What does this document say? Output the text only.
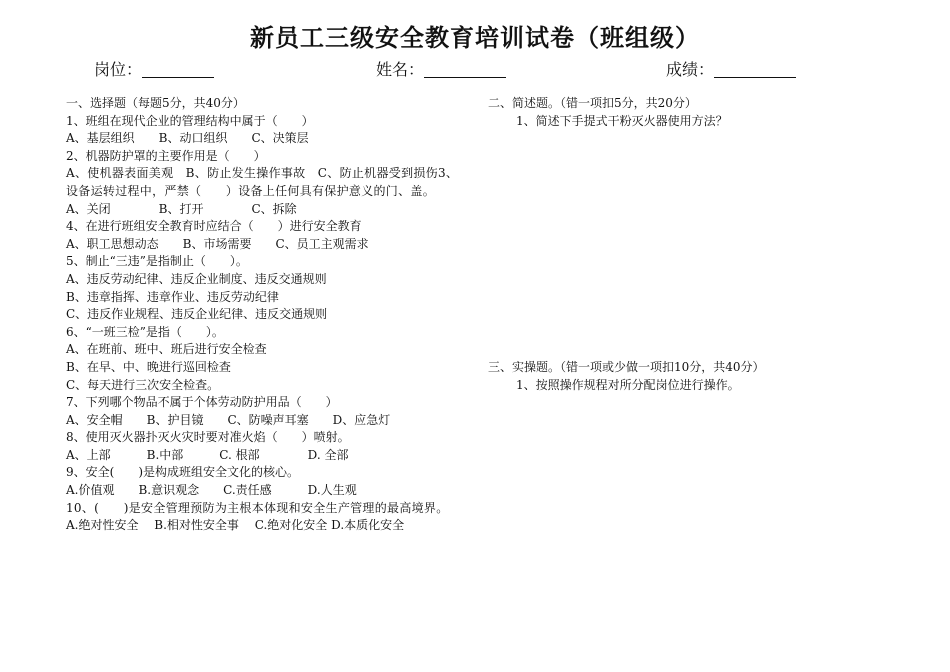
新员工三级安全教育培训试卷（班组级）
岗位：	姓名：	成绩：
一、选择题（每题5分，共40分）
1、班组在现代企业的管理结构中属于（　　）
A、基层组织　　B、动口组织　　C、决策层
2、机器防护罩的主要作用是（　　）
A、使机器表面美观　B、防止发生操作事故　C、防止机器受到损伤3、设备运转过程中，严禁（　　）设备上任何具有保护意义的门、盖。
A、关闭　　　　B、打开　　　　C、拆除
4、在进行班组安全教育时应结合（　　）进行安全教育
A、职工思想动态　　B、市场需要　　C、员工主观需求
5、制止“三违”是指制止（　　）。
A、违反劳动纪律、违反企业制度、违反交通规则
B、违章指挥、违章作业、违反劳动纪律
C、违反作业规程、违反企业纪律、违反交通规则
6、“一班三检”是指（　　）。
A、在班前、班中、班后进行安全检查
B、在早、中、晚进行巡回检查
C、每天进行三次安全检查。
7、下列哪个物品不属于个体劳动防护用品（　　）
A、安全帽　　B、护目镜　　C、防噪声耳塞　　D、应急灯
8、使用灭火器扑灭火灾时要对准火焰（　　）喷射。
A、上部　　　B.中部　　　C. 根部　　　　D. 全部
9、安全(　　)是构成班组安全文化的核心。
A.价值观　　B.意识观念　　C.责任感　　　D.人生观
10、(　　)是安全管理预防为主根本体现和安全生产管理的最高境界。
A.绝对性安全　 B.相对性安全事　 C.绝对化安全 D.本质化安全
二、简述题。（错一项扣5分，共20分）
1、简述下手提式干粉灭火器使用方法？
三、实操题。（错一项或少做一项扣10分，共40分）
1、按照操作规程对所分配岗位进行操作。
